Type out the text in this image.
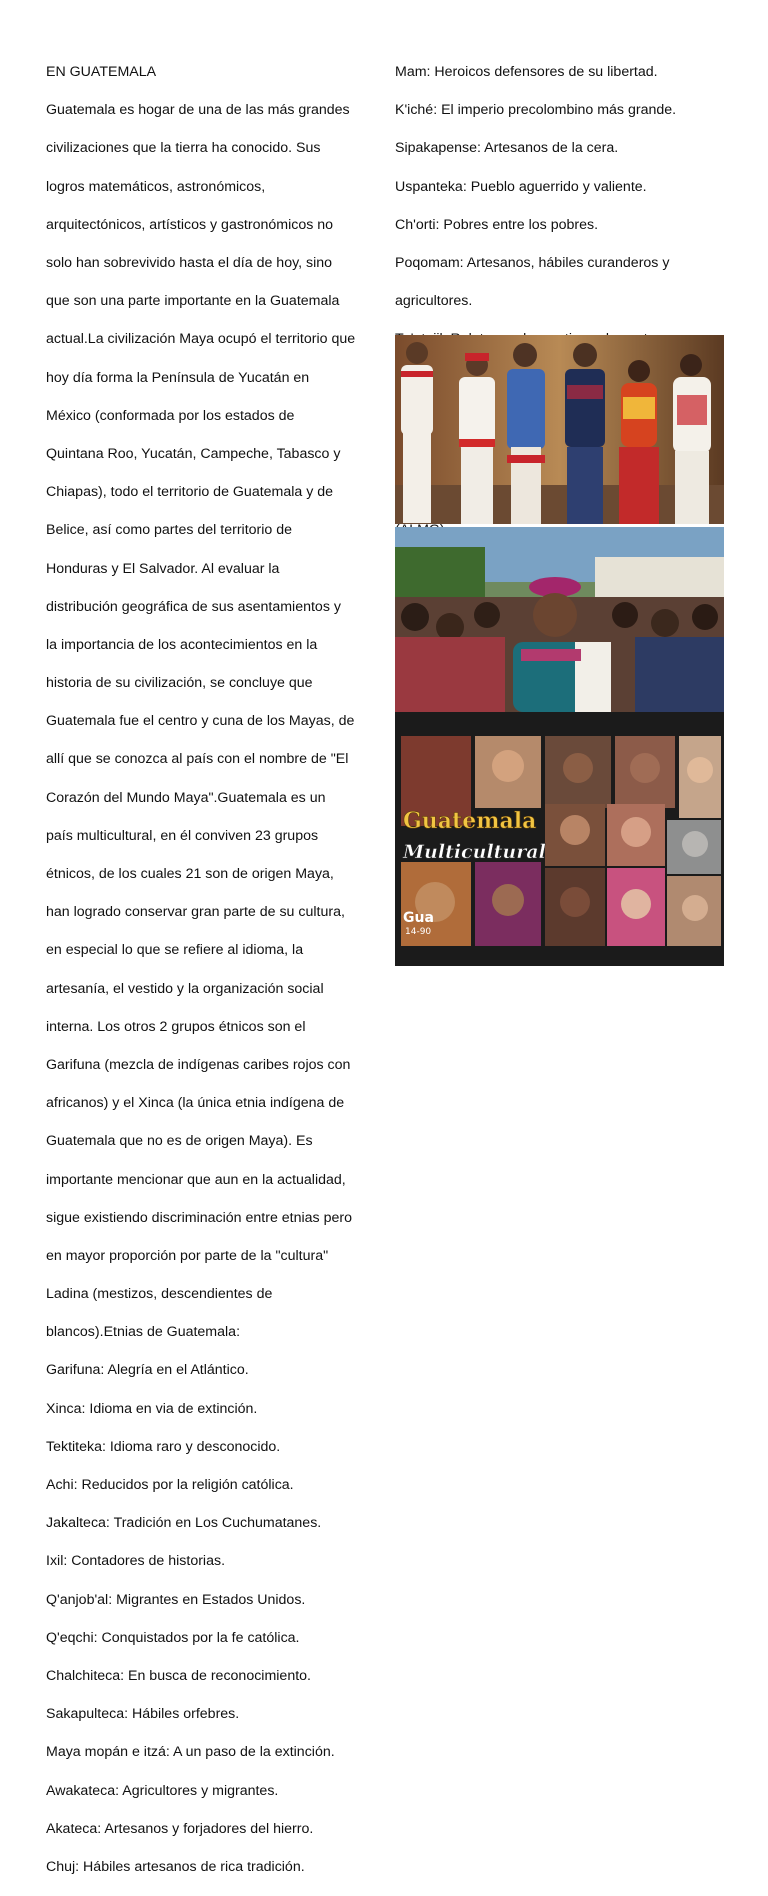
EN GUATEMALA

Guatemala es hogar de una de las más grandes

civilizaciones que la tierra ha conocido. Sus

logros matemáticos, astronómicos,

arquitectónicos, artísticos y gastronómicos no

solo han sobrevivido hasta el día de hoy, sino

que son una parte importante en la Guatemala

actual.La civilización Maya ocupó el territorio que

hoy día forma la Península de Yucatán en

México (conformada por los estados de

Quintana Roo, Yucatán, Campeche, Tabasco y

Chiapas), todo el territorio de Guatemala y de

Belice, así como partes del territorio de

Honduras y El Salvador. Al evaluar la

distribución geográfica de sus asentamientos y

la importancia de los acontecimientos en la

historia de su civilización, se concluye que

Guatemala fue el centro y cuna de los Mayas, de

allí que se conozca al país con el nombre de "El

Corazón del Mundo Maya".Guatemala es un

país multicultural, en él conviven 23 grupos

étnicos, de los cuales 21 son de origen Maya,

han logrado conservar gran parte de su cultura,

en especial lo que se refiere al idioma, la

artesanía, el vestido y la organización social

interna. Los otros 2 grupos étnicos son el

Garifuna (mezcla de indígenas caribes rojos con

africanos) y el Xinca (la única etnia indígena de

Guatemala que no es de origen Maya). Es

importante mencionar que aun en la actualidad,

sigue existiendo discriminación entre etnias pero

en mayor proporción por parte de la "cultura"

Ladina (mestizos, descendientes de

blancos).Etnias de Guatemala:

Garifuna: Alegría en el Atlántico.

Xinca: Idioma en via de extinción.

Tektiteka: Idioma raro y desconocido.

Achi: Reducidos por la religión católica.

Jakalteca: Tradición en Los Cuchumatanes.

Ixil: Contadores de historias.

Q'anjob'al: Migrantes en Estados Unidos.

Q'eqchi: Conquistados por la fe católica.

Chalchiteca: En busca de reconocimiento.

Sakapulteca: Hábiles orfebres.

Maya mopán e itzá: A un paso de la extinción.

Awakateca: Agricultores y migrantes.

Akateca: Artesanos y forjadores del hierro.

Chuj: Hábiles artesanos de rica tradición.

Mam: Heroicos defensores de su libertad.

K'iché: El imperio precolombino más grande.

Sipakapense: Artesanos de la cera.

Uspanteka: Pueblo aguerrido y valiente.

Ch'orti: Pobres entre los pobres.

Poqomam: Artesanos, hábiles curanderos y

agricultores.

Guatemala
Multicultural
Gua
14-90
